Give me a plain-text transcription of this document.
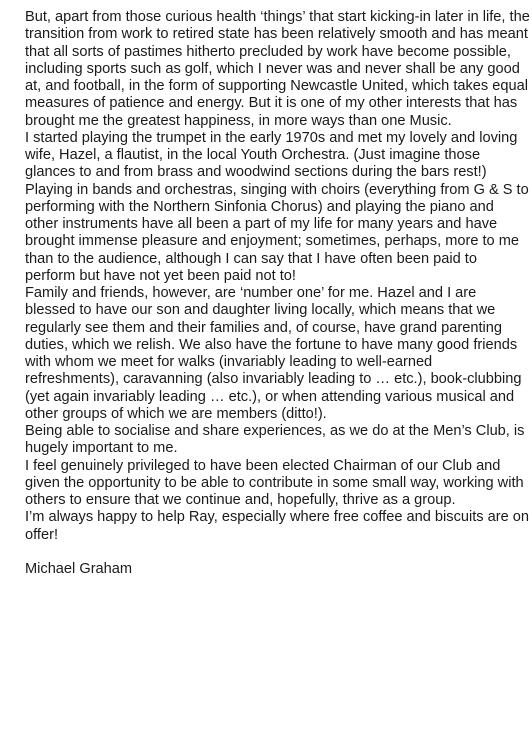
But, apart from those curious health ‘things’ that start kicking-in later in life, the transition from work to retired state has been relatively smooth and has meant that all sorts of pastimes hitherto precluded by work have become possible, including sports such as golf, which I never was and never shall be any good at, and football, in the form of supporting Newcastle United, which takes equal measures of patience and energy. But it is one of my other interests that has brought me the greatest happiness, in more ways than one Music.

I started playing the trumpet in the early 1970s and met my lovely and loving wife, Hazel, a flautist, in the local Youth Orchestra. (Just imagine those glances to and from brass and woodwind sections during the bars rest!) Playing in bands and orchestras, singing with choirs (everything from G & S to performing with the Northern Sinfonia Chorus) and playing the piano and other instruments have all been a part of my life for many years and have brought immense pleasure and enjoyment; sometimes, perhaps, more to me than to the audience, although I can say that I have often been paid to perform but have not yet been paid not to!

Family and friends, however, are ‘number one’ for me. Hazel and I are blessed to have our son and daughter living locally, which means that we regularly see them and their families and, of course, have grand parenting duties, which we relish. We also have the fortune to have many good friends with whom we meet for walks (invariably leading to well-earned refreshments), caravanning (also invariably leading to … etc.), book-clubbing (yet again invariably leading … etc.), or when attending various musical and other groups of which we are members (ditto!).

Being able to socialise and share experiences, as we do at the Men’s Club, is hugely important to me.

I feel genuinely privileged to have been elected Chairman of our Club and given the opportunity to be able to contribute in some small way, working with others to ensure that we continue and, hopefully, thrive as a group.

I’m always happy to help Ray, especially where free coffee and biscuits are on offer!

Michael Graham
